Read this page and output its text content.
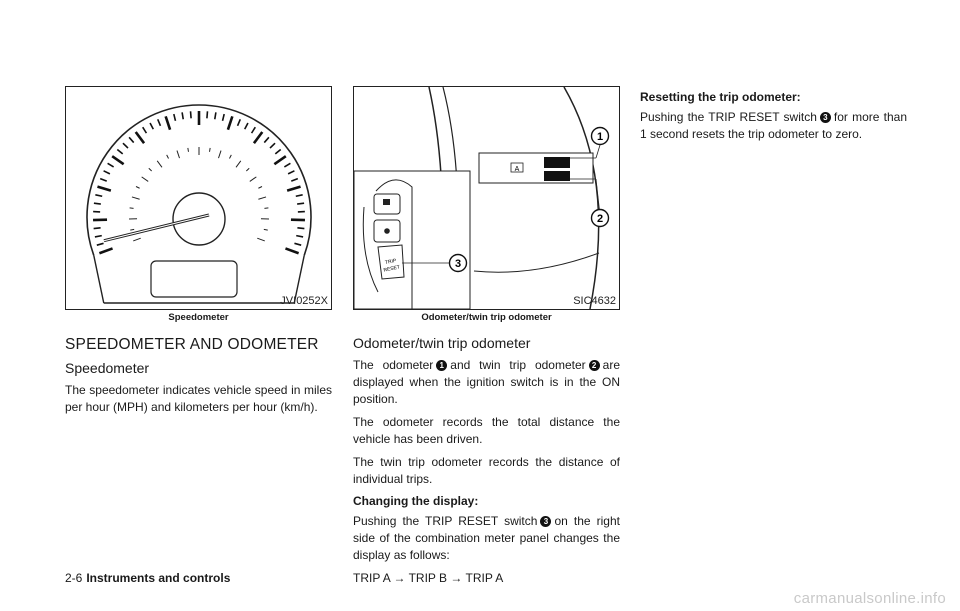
JVI0252X
Speedometer
SPEEDOMETER AND ODOMETER
Speedometer

The speedometer indicates vehicle speed in miles per hour (MPH) and kilometers per hour (km/h).

A
TRIP
RESET
1
2
3
SIC4632
Odometer/twin trip odometer
Odometer/twin trip odometer

The odometer 1 and twin trip odometer 2 are displayed when the ignition switch is in the ON position.

The odometer records the total distance the vehicle has been driven.

The twin trip odometer records the distance of individual trips.

Changing the display:

Pushing the TRIP RESET switch 3 on the right side of the combination meter panel changes the display as follows:

TRIP A → TRIP B → TRIP A

Resetting the trip odometer:

Pushing the TRIP RESET switch 3 for more than 1 second resets the trip odometer to zero.

2-6 Instruments and controls
carmanualsonline.info
